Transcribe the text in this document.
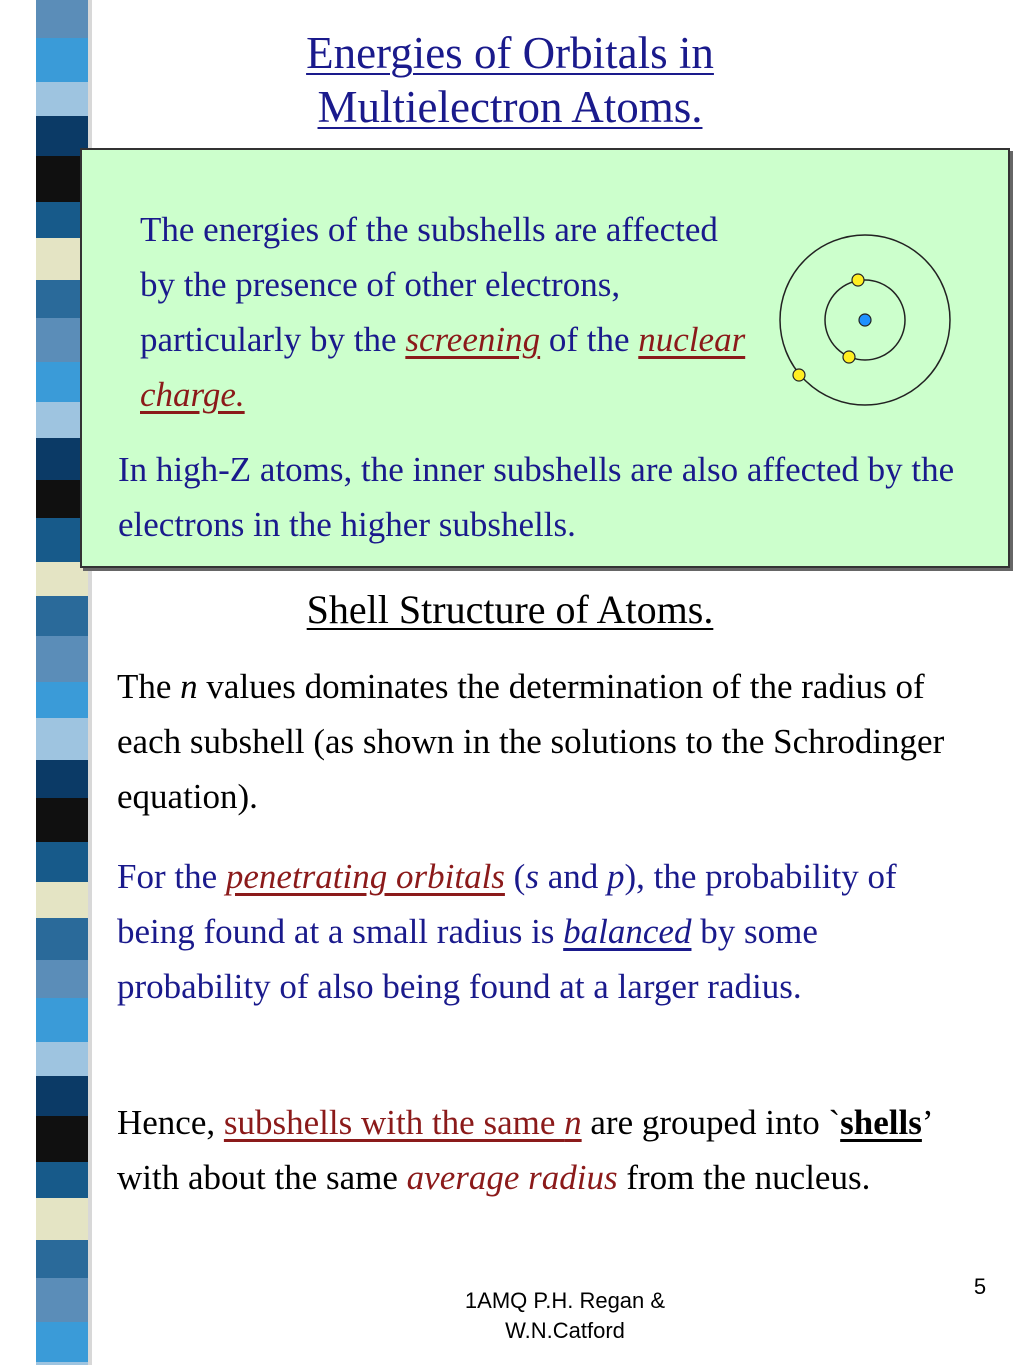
Energies of Orbitals in
Multielectron Atoms.
The energies of the subshells are affected by the presence of other electrons, particularly by the screening of the nuclear charge.
In high-Z atoms, the inner subshells are also affected by the electrons in the higher subshells.
Shell Structure of Atoms.
The n values dominates the determination of the radius of each subshell (as shown in the solutions to the Schrodinger equation).
For the penetrating orbitals (s and p), the probability of being found at a small radius is balanced by some probability of also being found at a larger radius.
Hence, subshells with the same n are grouped into `shells’ with about the same average radius from the nucleus.
1AMQ P.H. Regan &
W.N.Catford
5
